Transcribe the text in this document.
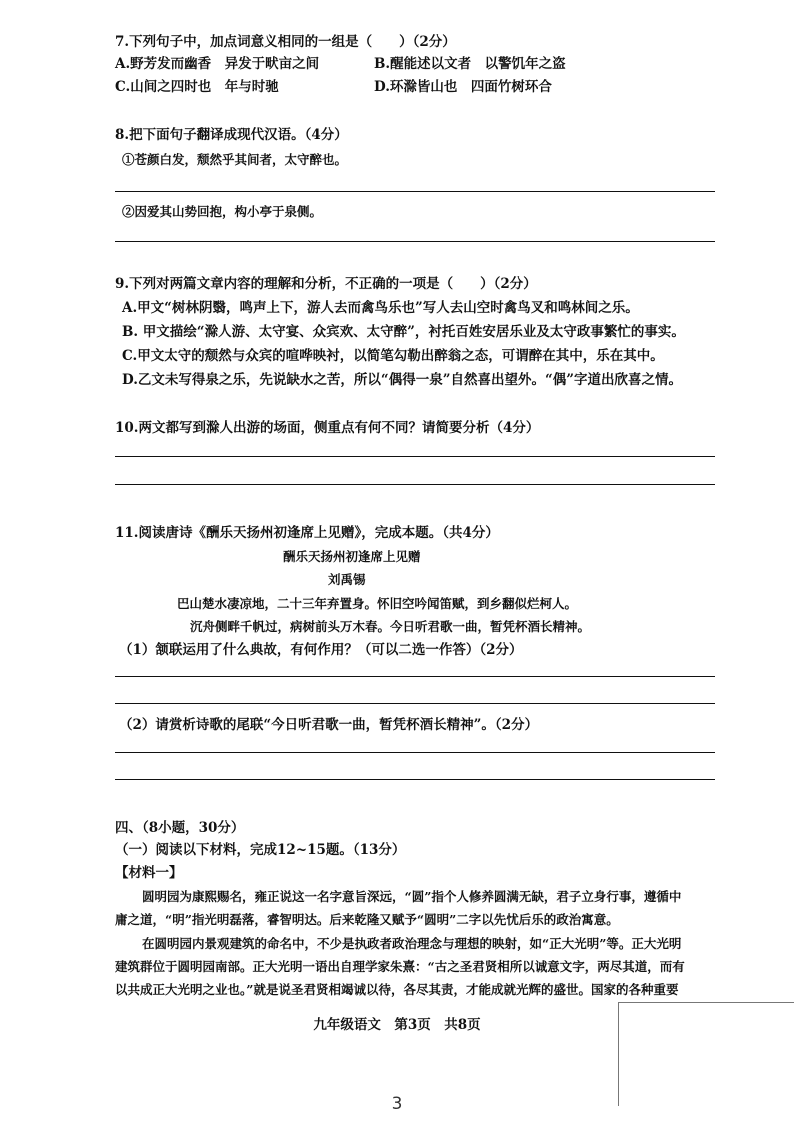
7.下列句子中，加点词意义相同的一组是（　　）（2分）
A.野芳发而幽香　异发于畎亩之间	B.醒能述以文者　以警饥年之盗
C.山间之四时也　年与时驰	D.环滁皆山也　四面竹树环合
8.把下面句子翻译成现代汉语。（4分）
①苍颜白发，颓然乎其间者，太守醉也。
②因爱其山势回抱，构小亭于泉侧。
9.下列对两篇文章内容的理解和分析，不正确的一项是（　　）（2分）
A.甲文“树林阴翳，鸣声上下，游人去而禽鸟乐也”写人去山空时禽鸟叉和鸣林间之乐。
B. 甲文描绘“滁人游、太守宴、众宾欢、太守醉”，衬托百姓安居乐业及太守政事繁忙的事实。
C.甲文太守的颓然与众宾的喧哗映衬，以简笔勾勒出醉翁之态，可谓醉在其中，乐在其中。
D.乙文未写得泉之乐，先说缺水之苦，所以“偶得一泉”自然喜出望外。“偶”字道出欣喜之情。
10.两文都写到滁人出游的场面，侧重点有何不同？请简要分析（4分）
11.阅读唐诗《酬乐天扬州初逢席上见赠》，完成本题。（共4分）
酬乐天扬州初逢席上见赠
刘禹锡
巴山楚水凄凉地，二十三年弃置身。怀旧空吟闻笛赋，到乡翻似烂柯人。
沉舟侧畔千帆过，病树前头万木春。今日听君歌一曲，暂凭杯酒长精神。
（1）颔联运用了什么典故，有何作用？（可以二选一作答）（2分）
（2）请赏析诗歌的尾联“今日听君歌一曲，暂凭杯酒长精神”。（2分）
四、（8小题，30分）
（一）阅读以下材料，完成12~15题。（13分）
【材料一】
圆明园为康熙赐名，雍正说这一名字意旨深远，“圆”指个人修养圆满无缺，君子立身行事，遵循中
庸之道，“明”指光明磊落，睿智明达。后来乾隆又赋予“圆明”二字以先忧后乐的政治寓意。
在圆明园内景观建筑的命名中，不少是执政者政治理念与理想的映射，如“正大光明”等。正大光明
建筑群位于圆明园南部。正大光明一语出自理学家朱熹：“古之圣君贤相所以诚意文字，两尽其道，而有
以共成正大光明之业也。”就是说圣君贤相竭诚以待，各尽其责，才能成就光辉的盛世。国家的各种重要
九年级语文　第3页　共8页
3
